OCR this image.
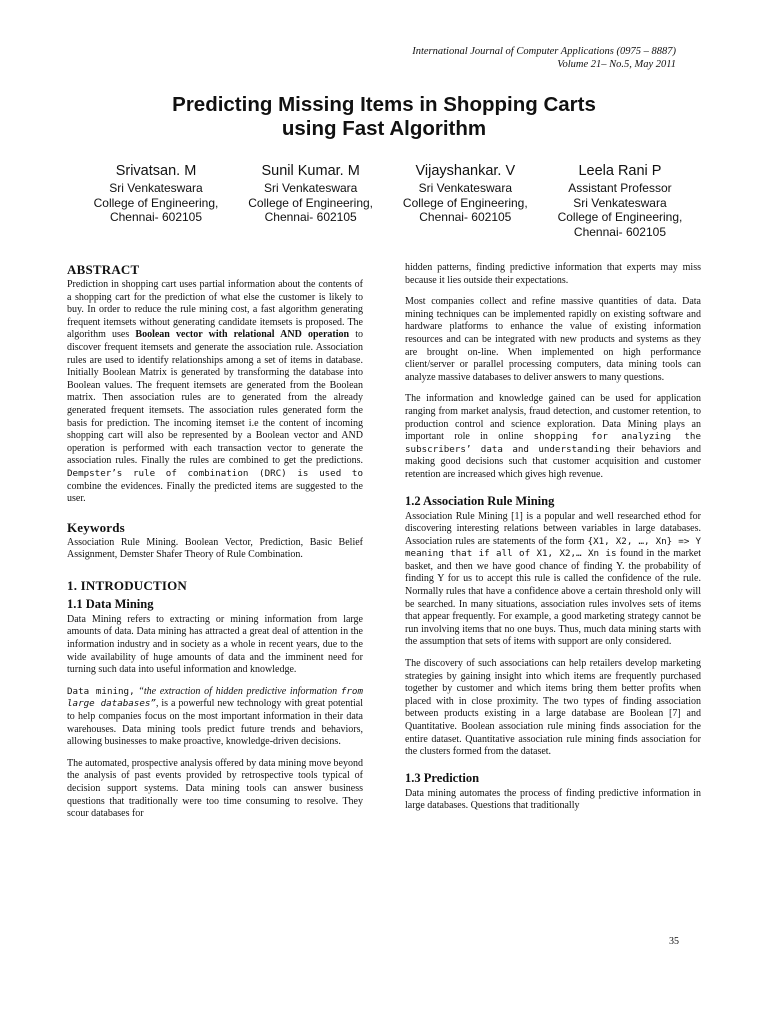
International Journal of Computer Applications (0975 – 8887)
Volume 21– No.5, May 2011
Predicting Missing Items in Shopping Carts
using Fast Algorithm
Srivatsan. M
Sri Venkateswara
College of Engineering,
Chennai- 602105
Sunil Kumar. M
Sri Venkateswara
College of Engineering,
Chennai- 602105
Vijayshankar. V
Sri Venkateswara
College of Engineering,
Chennai- 602105
Leela Rani P
Assistant Professor
Sri Venkateswara
College of Engineering,
Chennai- 602105
ABSTRACT

Prediction in shopping cart uses partial information about the contents of a shopping cart for the prediction of what else the customer is likely to buy. In order to reduce the rule mining cost, a fast algorithm generating frequent itemsets without generating candidate itemsets is proposed. The algorithm uses Boolean vector with relational AND operation to discover frequent itemsets and generate the association rule. Association rules are used to identify relationships among a set of items in database. Initially Boolean Matrix is generated by transforming the database into Boolean values. The frequent itemsets are generated from the Boolean matrix. Then association rules are to generated from the already generated frequent itemsets. The association rules generated form the basis for prediction. The incoming itemset i.e the content of incoming shopping cart will also be represented by a Boolean vector and AND operation is performed with each transaction vector to generate the association rules. Finally the rules are combined to get the predictions. Dempster’s rule of combination (DRC) is used to combine the evidences. Finally the predicted items are suggested to the user.

Keywords

Association Rule Mining. Boolean Vector, Prediction, Basic Belief Assignment, Demster Shafer Theory of Rule Combination.

1. INTRODUCTION
1.1 Data Mining

Data Mining refers to extracting or mining information from large amounts of data. Data mining has attracted a great deal of attention in the information industry and in society as a whole in recent years, due to the wide availability of huge amounts of data and the imminent need for turning such data into useful information and knowledge.

Data mining, “the extraction of hidden predictive information from large databases”, is a powerful new technology with great potential to help companies focus on the most important information in their data warehouses. Data mining tools predict future trends and behaviors, allowing businesses to make proactive, knowledge-driven decisions.

The automated, prospective analysis offered by data mining move beyond the analysis of past events provided by retrospective tools typical of decision support systems. Data mining tools can answer business questions that traditionally were too time consuming to resolve. They scour databases for

hidden patterns, finding predictive information that experts may miss because it lies outside their expectations.

Most companies collect and refine massive quantities of data. Data mining techniques can be implemented rapidly on existing software and hardware platforms to enhance the value of existing information resources and can be integrated with new products and systems as they are brought on-line. When implemented on high performance client/server or parallel processing computers, data mining tools can analyze massive databases to deliver answers to many questions.

The information and knowledge gained can be used for application ranging from market analysis, fraud detection, and customer retention, to production control and science exploration. Data Mining plays an important role in online shopping for analyzing the subscribers’ data and understanding their behaviors and making good decisions such that customer acquisition and customer retention are increased which gives high revenue.

1.2 Association Rule Mining

Association Rule Mining [1] is a popular and well researched ethod for discovering interesting relations between variables in large databases. Association rules are statements of the form {X1, X2, …, Xn} => Y meaning that if all of X1, X2,… Xn is found in the market basket, and then we have good chance of finding Y. the probability of finding Y for us to accept this rule is called the confidence of the rule. Normally rules that have a confidence above a certain threshold only will be searched. In many situations, association rules involves sets of items that appear frequently. For example, a good marketing strategy cannot be run involving items that no one buys. Thus, much data mining starts with the assumption that sets of items with support are only considered.

The discovery of such associations can help retailers develop marketing strategies by gaining insight into which items are frequently purchased together by customer and which items bring them better profits when placed with in close proximity. The two types of finding association between products existing in a large database are Boolean [7] and Quantitative. Boolean association rule mining finds association for the entire dataset. Quantitative association rule mining finds association for the clusters formed from the dataset.

1.3 Prediction

Data mining automates the process of finding predictive information in large databases. Questions that traditionally

35
